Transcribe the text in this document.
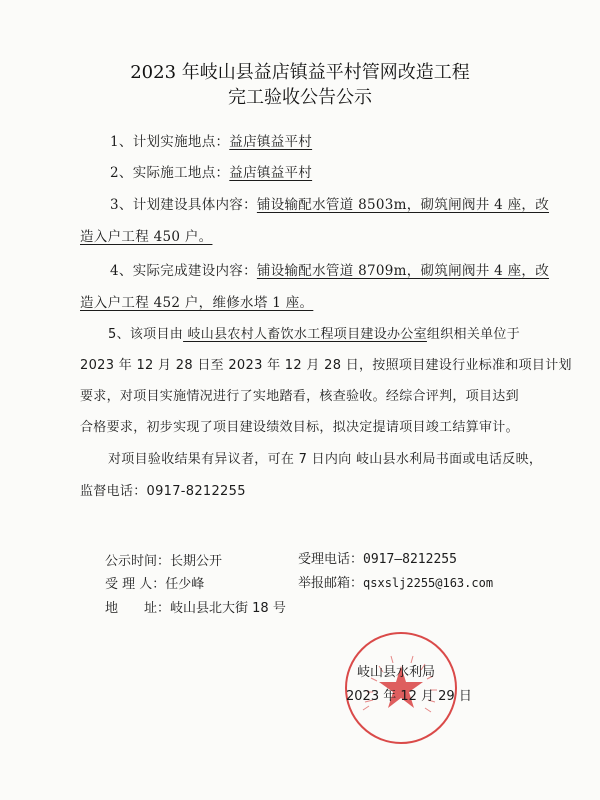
2023 年岐山县益店镇益平村管网改造工程
完工验收公告公示
1、计划实施地点：益店镇益平村
2、实际施工地点：益店镇益平村
3、计划建设具体内容：铺设输配水管道 8503m，砌筑闸阀井 4 座，改
造入户工程 450 户。
4、实际完成建设内容：铺设输配水管道 8709m，砌筑闸阀井 4 座，改
造入户工程 452 户，维修水塔 1 座。
5、该项目由 岐山县农村人畜饮水工程项目建设办公室组织相关单位于
2023 年 12 月 28 日至 2023 年 12 月 28 日，按照项目建设行业标准和项目计划
要求，对项目实施情况进行了实地踏看，核查验收。经综合评判，项目达到
合格要求，初步实现了项目建设绩效目标，拟决定提请项目竣工结算审计。
对项目验收结果有异议者，可在 7 日内向 岐山县水利局书面或电话反映，
监督电话：0917-8212255
公示时间：长期公开
受 理 人：任少峰
地　　址：岐山县北大街 18 号
受理电话：0917—8212255
举报邮箱：qsxslj2255@163.com
岐山县水利局
2023 年 12 月 29 日
